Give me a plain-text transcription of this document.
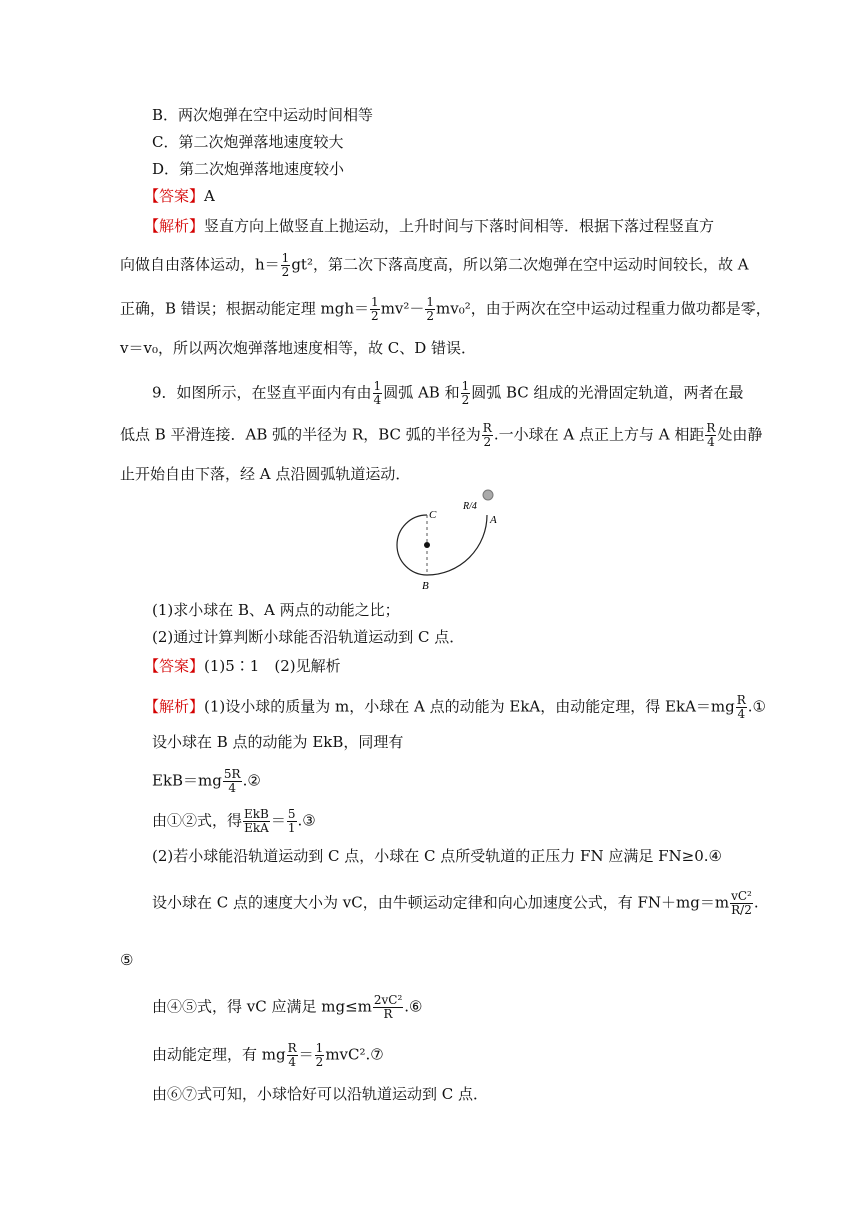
B．两次炮弹在空中运动时间相等
C．第二次炮弹落地速度较大
D．第二次炮弹落地速度较小
【答案】A
【解析】竖直方向上做竖直上抛运动，上升时间与下落时间相等．根据下落过程竖直方
向做自由落体运动，$h= \frac{1}{2} gt^2$，第二次下落高度高，所以第二次炮弹在空中运动时间较长，故 A
正确，B 错误；根据动能定理 $mgh= \frac{1}{2} mv^2- \frac{1}{2} mv_0^2$，由于两次在空中运动过程重力做功都是零，
v＝v₀，所以两次炮弹落地速度相等，故 C、D 错误．
9．如图所示，在竖直平面内有由 $\frac{1}{4}$ 圆弧 AB 和 $\frac{1}{2}$ 圆弧 BC 组成的光滑固定轨道，两者在最
低点 B 平滑连接．AB 弧的半径为 R，BC 弧的半径为 $\frac{R}{2}$ .一小球在 A 点正上方与 A 相距 $\frac{R}{4}$ 处由静
止开始自由下落，经 A 点沿圆弧轨道运动．
C
B
A
R/4
(1)求小球在 B、A 两点的动能之比；
(2)通过计算判断小球能否沿轨道运动到 C 点．
【答案】(1)5∶1　(2)见解析
【解析】(1)设小球的质量为 m，小球在 A 点的动能为 EkA，由动能定理，得 $EkA=mg \frac{R}{4}$ .①
设小球在 B 点的动能为 EkB，同理有
$EkB=mg \frac{5R}{4}$ .②
由①②式，得 $\frac{\text{EkB}}{\text{EkA}} = \frac{5}{1}$ .③
(2)若小球能沿轨道运动到 C 点，小球在 C 点所受轨道的正压力 FN 应满足 FN≥0.④
设小球在 C 点的速度大小为 vC，由牛顿运动定律和向心加速度公式，有 $FN+mg=m \frac{\text{vC²}}{R/2}$ .
⑤
由④⑤式，得 vC 应满足 $mg\le m \frac{\text{2vC²}}{R}$ .⑥
由动能定理，有 mg $\frac{R}{4} = \frac{1}{2}$ mvC².⑦
由⑥⑦式可知，小球恰好可以沿轨道运动到 C 点．
